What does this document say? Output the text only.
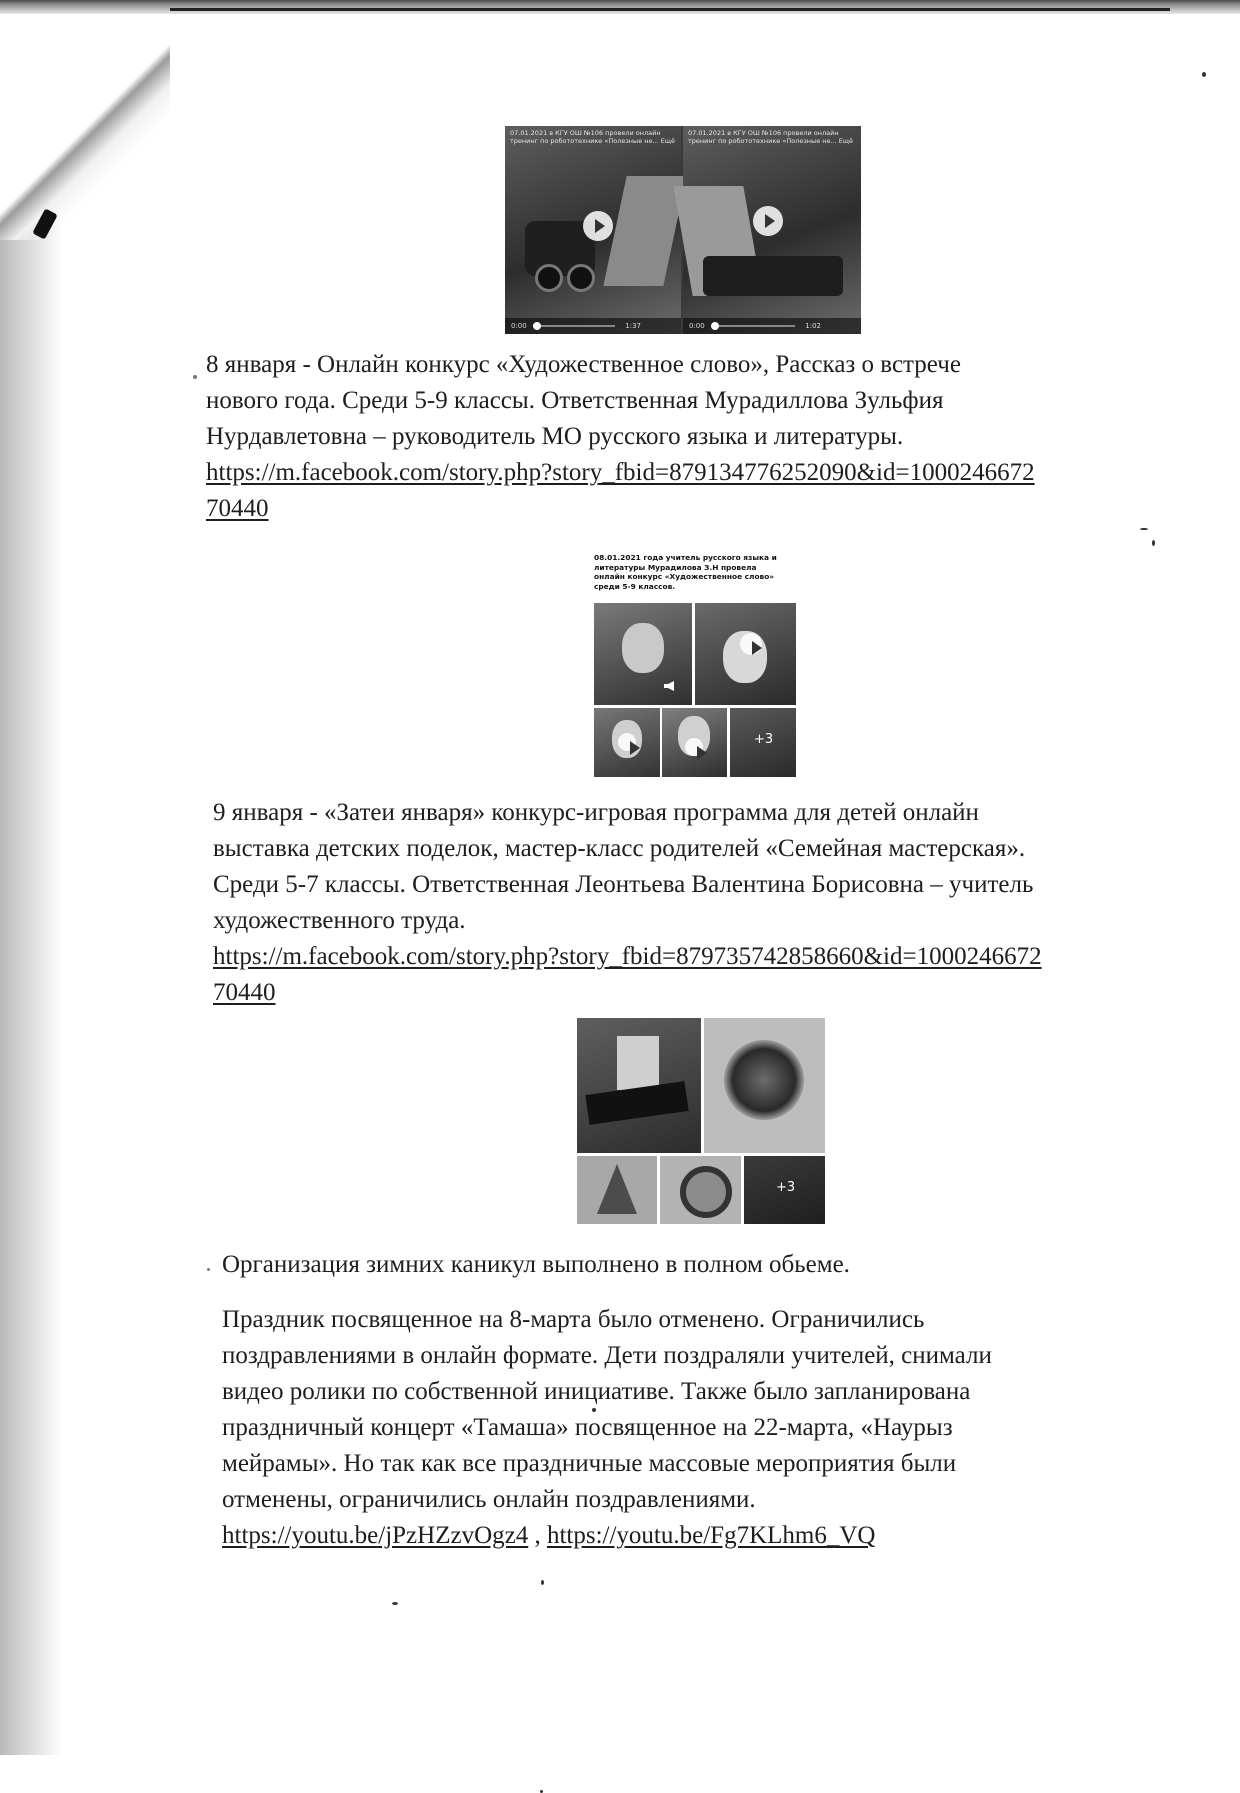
07.01.2021 в КГУ ОШ №106 провели онлайн тренинг по робототехнике «Полезные не... Ещё
0:00	1:37
07.01.2021 в КГУ ОШ №106 провели онлайн тренинг по робототехнике «Полезные не... Ещё
0:00	1:02

8 января - Онлайн конкурс «Художественное слово», Рассказ о встрече

нового года. Среди 5-9 классы. Ответственная Мурадиллова Зульфия

Нурдавлетовна – руководитель МО русского языка и литературы.

https://m.facebook.com/story.php?story_fbid=879134776252090&id=1000246672

70440

08.01.2021 года учитель русского языка и литературы Мурадилова З.Н провела онлайн конкурс «Художественное слово» среди 5-9 классов.
+3

9 января - «Затеи января» конкурс-игровая программа для детей онлайн

выставка детских поделок, мастер-класс родителей «Семейная мастерская».

Среди 5-7 классы. Ответственная Леонтьева Валентина Борисовна – учитель

художественного труда.

https://m.facebook.com/story.php?story_fbid=879735742858660&id=1000246672

70440

+3

Организация зимних каникул выполнено в полном обьеме.

Праздник посвященное на 8-марта было отменено. Ограничились

поздравлениями в онлайн формате. Дети поздраляли учителей, снимали

видео ролики по собственной инициативе. Также было запланирована

праздничный концерт «Тамаша» посвященное на 22-марта, «Наурыз

мейрамы». Но так как все праздничные массовые мероприятия были

отменены, ограничились онлайн поздравлениями.

https://youtu.be/jPzHZzvOgz4 , https://youtu.be/Fg7KLhm6_VQ
